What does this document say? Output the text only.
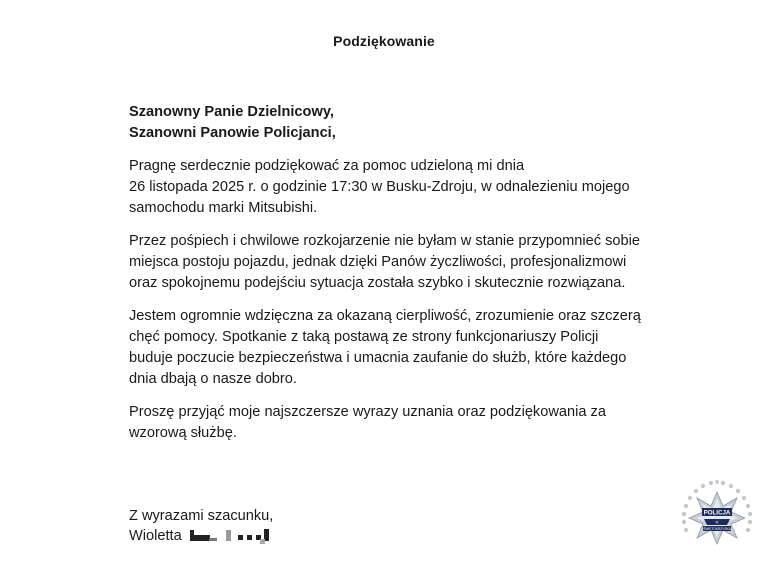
Podziękowanie
Szanowny Panie Dzielnicowy,
Szanowni Panowie Policjanci,
Pragnę serdecznie podziękować za pomoc udzieloną mi dnia
26 listopada 2025 r. o godzinie 17:30 w Busku-Zdroju, w odnalezieniu mojego
samochodu marki Mitsubishi.
Przez pośpiech i chwilowe rozkojarzenie nie byłam w stanie przypomnieć sobie
miejsca postoju pojazdu, jednak dzięki Panów życzliwości, profesjonalizmowi
oraz spokojnemu podejściu sytuacja została szybko i skutecznie rozwiązana.
Jestem ogromnie wdzięczna za okazaną cierpliwość, zrozumienie oraz szczerą
chęć pomocy. Spotkanie z taką postawą ze strony funkcjonariuszy Policji
buduje poczucie bezpieczeństwa i umacnia zaufanie do służb, które każdego
dnia dbają o nasze dobro.
Proszę przyjąć moje najszczersze wyrazy uznania oraz podziękowania za
wzorową służbę.
Z wyrazami szacunku,
Wioletta
POLICJA
✕
ŚWIĘTOKRZYSKA
